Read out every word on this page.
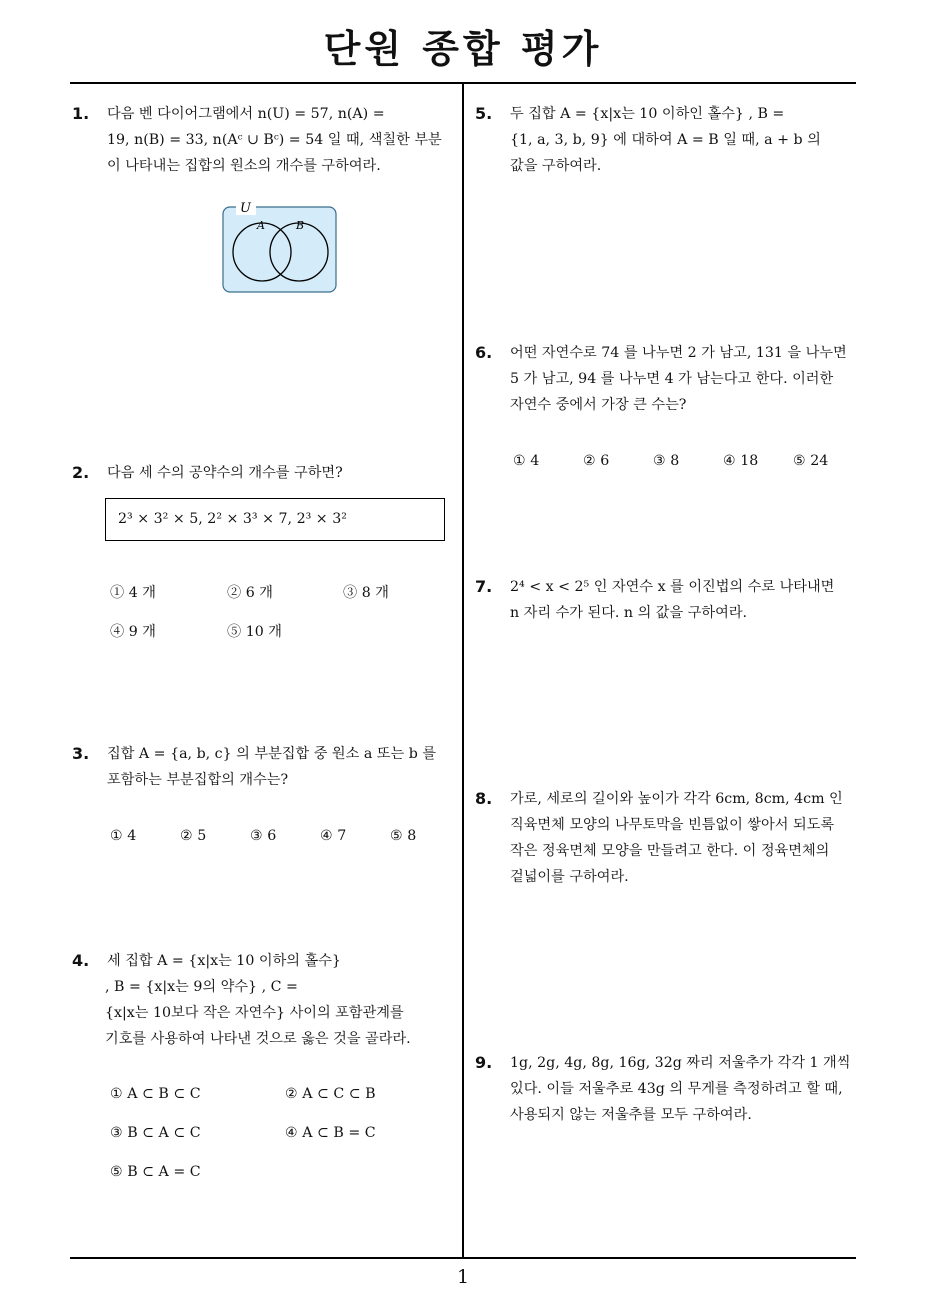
단원 종합 평가
1
1. 다음 벤 다이어그램에서 n(U) = 57, n(A) =
19, n(B) = 33, n(Aᶜ ∪ Bᶜ) = 54 일 때, 색칠한 부분
이 나타내는 집합의 원소의 개수를 구하여라.
U
A	B
2. 다음 세 수의 공약수의 개수를 구하면?
2³ × 3² × 5, 2² × 3³ × 7, 2³ × 3²
① 4 개	② 6 개	③ 8 개
④ 9 개	⑤ 10 개
3. 집합 A = {a, b, c} 의 부분집합 중 원소 a 또는 b 를
포함하는 부분집합의 개수는?
① 4	② 5	③ 6	④ 7	⑤ 8
4. 세 집합 A = {x|x는 10 이하의 홀수}
, B = {x|x는 9의 약수} , C =
{x|x는 10보다 작은 자연수} 사이의 포함관계를
기호를 사용하여 나타낸 것으로 옳은 것을 골라라.
① A ⊂ B ⊂ C	② A ⊂ C ⊂ B
③ B ⊂ A ⊂ C	④ A ⊂ B = C
⑤ B ⊂ A = C
5. 두 집합 A = {x|x는 10 이하인 홀수} , B =
{1, a, 3, b, 9} 에 대하여 A = B 일 때, a + b 의
값을 구하여라.
6. 어떤 자연수로 74 를 나누면 2 가 남고, 131 을 나누면
5 가 남고, 94 를 나누면 4 가 남는다고 한다. 이러한
자연수 중에서 가장 큰 수는?
① 4	② 6	③ 8	④ 18 ⑤ 24
7. 2⁴ < x < 2⁵ 인 자연수 x 를 이진법의 수로 나타내면
n 자리 수가 된다. n 의 값을 구하여라.
8. 가로, 세로의 길이와 높이가 각각 6cm, 8cm, 4cm 인
직육면체 모양의 나무토막을 빈틈없이 쌓아서 되도록
작은 정육면체 모양을 만들려고 한다. 이 정육면체의
겉넓이를 구하여라.
9. 1g, 2g, 4g, 8g, 16g, 32g 짜리 저울추가 각각 1 개씩
있다. 이들 저울추로 43g 의 무게를 측정하려고 할 때,
사용되지 않는 저울추를 모두 구하여라.
